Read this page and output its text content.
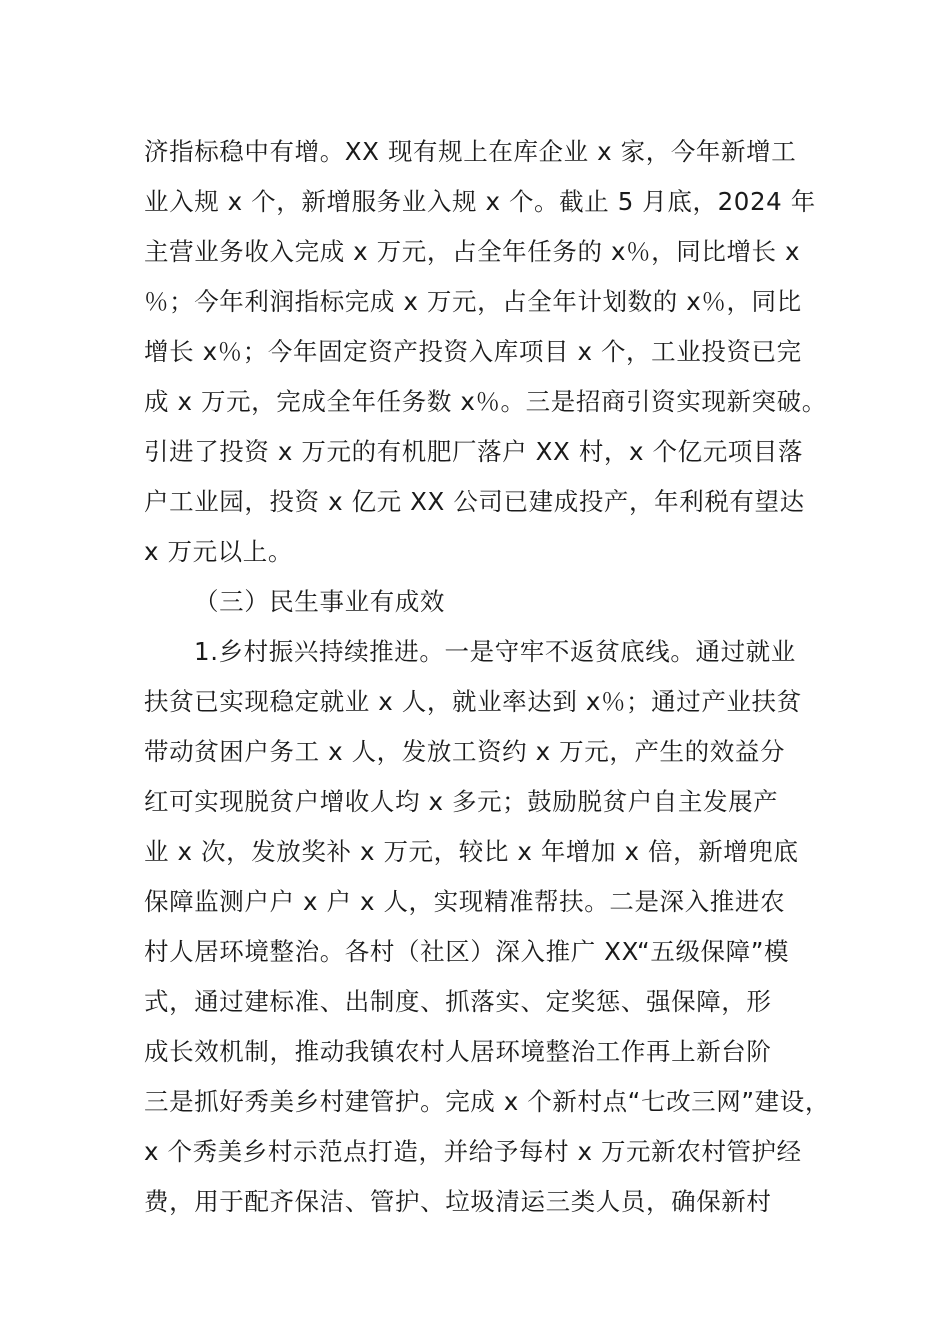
济指标稳中有增。XX 现有规上在库企业 x 家，今年新增工
业入规 x 个，新增服务业入规 x 个。截止 5 月底，2024 年
主营业务收入完成 x 万元，占全年任务的 x％，同比增长 x
％；今年利润指标完成 x 万元，占全年计划数的 x％，同比
增长 x％；今年固定资产投资入库项目 x 个，工业投资已完
成 x 万元，完成全年任务数 x％。三是招商引资实现新突破。
引进了投资 x 万元的有机肥厂落户 XX 村，x 个亿元项目落
户工业园，投资 x 亿元 XX 公司已建成投产，年利税有望达
x 万元以上。
（三）民生事业有成效
1.乡村振兴持续推进。一是守牢不返贫底线。通过就业
扶贫已实现稳定就业 x 人，就业率达到 x％；通过产业扶贫
带动贫困户务工 x 人，发放工资约 x 万元，产生的效益分
红可实现脱贫户增收人均 x 多元；鼓励脱贫户自主发展产
业 x 次，发放奖补 x 万元，较比 x 年增加 x 倍，新增兜底
保障监测户户 x 户 x 人，实现精准帮扶。二是深入推进农
村人居环境整治。各村（社区）深入推广 XX“五级保障”模
式，通过建标准、出制度、抓落实、定奖惩、强保障，形
成长效机制，推动我镇农村人居环境整治工作再上新台阶
三是抓好秀美乡村建管护。完成 x 个新村点“七改三网”建设，
x 个秀美乡村示范点打造，并给予每村 x 万元新农村管护经
费，用于配齐保洁、管护、垃圾清运三类人员，确保新村
